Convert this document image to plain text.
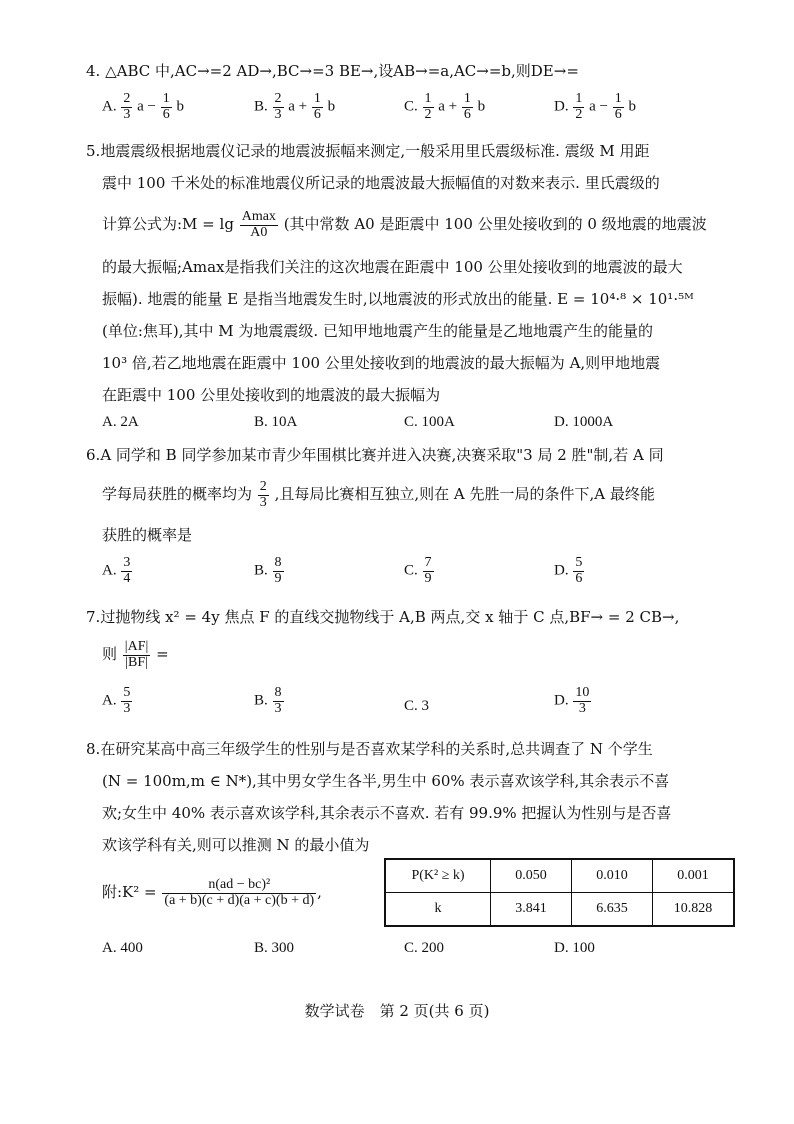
4. △ABC 中,AC→=2 AD→,BC→=3 BE→,设AB→=a,AC→=b,则DE→=
A. $\frac{2}{3}$ $a - \frac{1}{6}$ b	B. $\frac{2}{3}$ $a + \frac{1}{6}$ b	C. $\frac{1}{2}$ $a + \frac{1}{6}$ b	D. $\frac{1}{2}$ $a - \frac{1}{6}$ b
5.地震震级根据地震仪记录的地震波振幅来测定,一般采用里氏震级标准. 震级 M 用距
震中 100 千米处的标准地震仪所记录的地震波最大振幅值的对数来表示. 里氏震级的
计算公式为:M = $\lg \frac{Amax}{A0}$ (其中常数 A0 是距震中 100 公里处接收到的 0 级地震的地震波
的最大振幅;Amax是指我们关注的这次地震在距震中 100 公里处接收到的地震波的最大
振幅). 地震的能量 E 是指当地震发生时,以地震波的形式放出的能量. E = 10⁴·⁸ × 10¹·⁵ᴹ
(单位:焦耳),其中 M 为地震震级. 已知甲地地震产生的能量是乙地地震产生的能量的
10³ 倍,若乙地地震在距震中 100 公里处接收到的地震波的最大振幅为 A,则甲地地震
在距震中 100 公里处接收到的地震波的最大振幅为
A. 2A	B. 10A	C. 100A	D. 1000A
6.A 同学和 B 同学参加某市青少年围棋比赛并进入决赛,决赛采取"3 局 2 胜"制,若 A 同
学每局获胜的概率均为 $\frac{2}{3}$ ,且每局比赛相互独立,则在 A 先胜一局的条件下,A 最终能
获胜的概率是
A. $\frac{3}{4}$	B. $\frac{8}{9}$	C. $\frac{7}{9}$	D. $\frac{5}{6}$
7.过抛物线 x² = 4y 焦点 F 的直线交抛物线于 A,B 两点,交 x 轴于 C 点,BF→ = 2 CB→,
则 $\frac{|AF|}{|BF|}$ =
A. $\frac{5}{3}$	B. $\frac{8}{3}$	C. 3	D. $\frac{10}{3}$
8.在研究某高中高三年级学生的性别与是否喜欢某学科的关系时,总共调查了 N 个学生
(N = 100m,m ∈ N*),其中男女学生各半,男生中 60% 表示喜欢该学科,其余表示不喜
欢;女生中 40% 表示喜欢该学科,其余表示不喜欢. 若有 99.9% 把握认为性别与是否喜
欢该学科有关,则可以推测 N 的最小值为
附:K² = $\frac{\text{n(ad − bc)²}}{(a + b)(c + d)(a + c)(b + d)}$ ,
P(K² ≥ k)	0.050	0.010	0.001
k	3.841	6.635	10.828
A. 400	B. 300	C. 200	D. 100
数学试卷　第 2 页(共 6 页)
